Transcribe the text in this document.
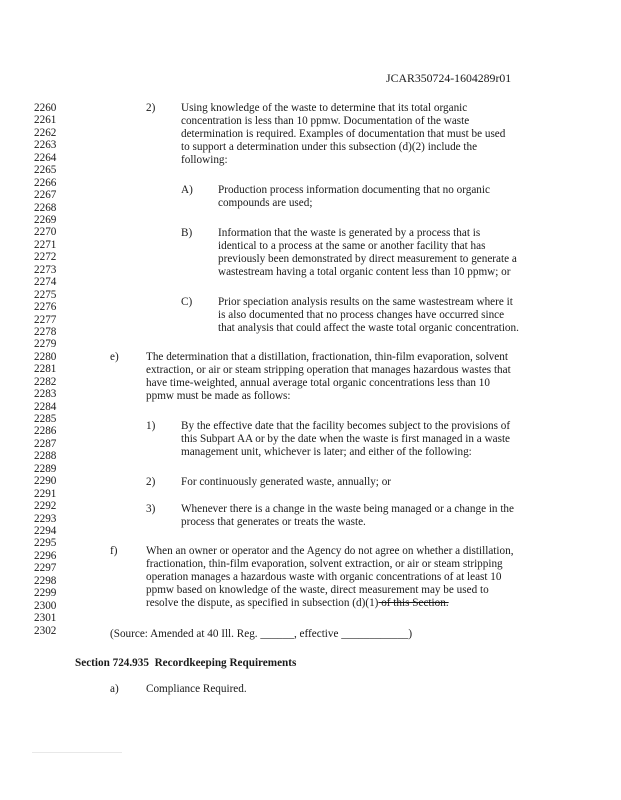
JCAR350724-1604289r01
2) Using knowledge of the waste to determine that its total organic
concentration is less than 10 ppmw. Documentation of the waste
determination is required. Examples of documentation that must be used
to support a determination under this subsection (d)(2) include the
following:
A) Production process information documenting that no organic
compounds are used;
B) Information that the waste is generated by a process that is
identical to a process at the same or another facility that has
previously been demonstrated by direct measurement to generate a
wastestream having a total organic content less than 10 ppmw; or
C) Prior speciation analysis results on the same wastestream where it
is also documented that no process changes have occurred since
that analysis that could affect the waste total organic concentration.
e) The determination that a distillation, fractionation, thin-film evaporation, solvent
extraction, or air or steam stripping operation that manages hazardous wastes that
have time-weighted, annual average total organic concentrations less than 10
ppmw must be made as follows:
1) By the effective date that the facility becomes subject to the provisions of
this Subpart AA or by the date when the waste is first managed in a waste
management unit, whichever is later; and either of the following:
2) For continuously generated waste, annually; or
3) Whenever there is a change in the waste being managed or a change in the
process that generates or treats the waste.
f)	When an owner or operator and the Agency do not agree on whether a distillation,
fractionation, thin-film evaporation, solvent extraction, or air or steam stripping
operation manages a hazardous waste with organic concentrations of at least 10
ppmw based on knowledge of the waste, direct measurement may be used to
resolve the dispute, as specified in subsection (d)(1) of this Section.
(Source: Amended at 40 Ill. Reg. ______, effective ____________)
Section 724.935 Recordkeeping Requirements
a) Compliance Required.
2260
2261
2262
2263
2264
2265
2266
2267
2268
2269
2270
2271
2272
2273
2274
2275
2276
2277
2278
2279
2280
2281
2282
2283
2284
2285
2286
2287
2288
2289
2290
2291
2292
2293
2294
2295
2296
2297
2298
2299
2300
2301
2302
